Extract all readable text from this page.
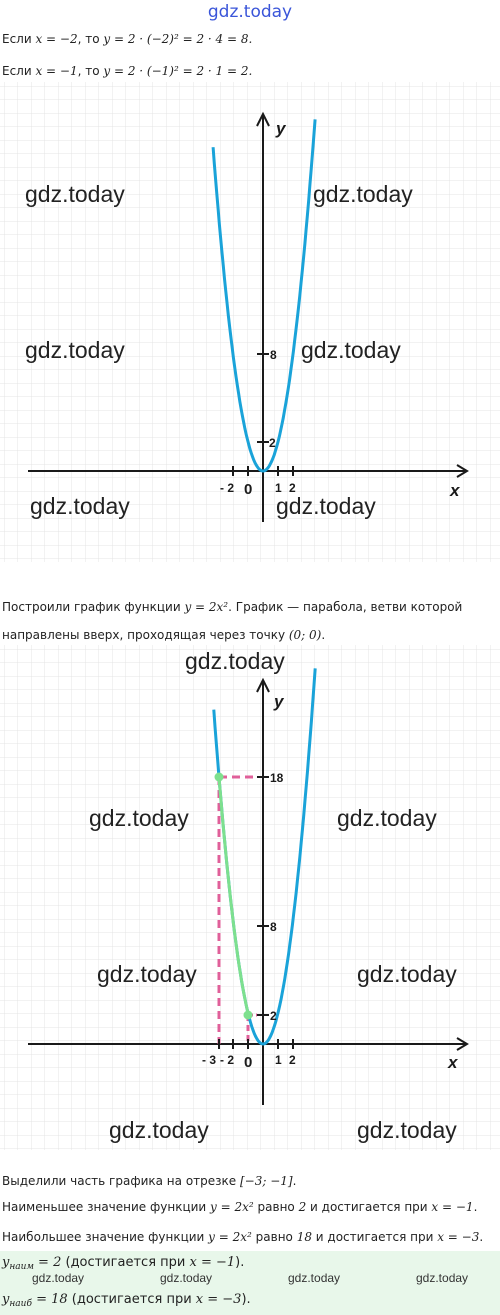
gdz.today
Если x = −2, то y = 2 · (−2)² = 2 · 4 = 8.
Если x = −1, то y = 2 · (−1)² = 2 · 1 = 2.
x
y
- 2 0 1 2
8
2
gdz.today	gdz.today
gdz.today	gdz.today
gdz.today	gdz.today
Построили график функции y = 2x². График — парабола, ветви которой
направлены вверх, проходящая через точку (0; 0).
x
y
- 3 - 2 0 1 2
18
8
2
gdz.today
gdz.today	gdz.today
gdz.today	gdz.today
gdz.today	gdz.today
Выделили часть графика на отрезке [−3; −1].
Наименьшее значение функции y = 2x² равно 2 и достигается при x = −1.
Наибольшее значение функции y = 2x² равно 18 и достигается при x = −3.
$y_{наим} = 2$ (достигается при x = −1).
gdz.today	gdz.today	gdz.today	gdz.today
$y_{наиб} = 18$ (достигается при x = −3).
